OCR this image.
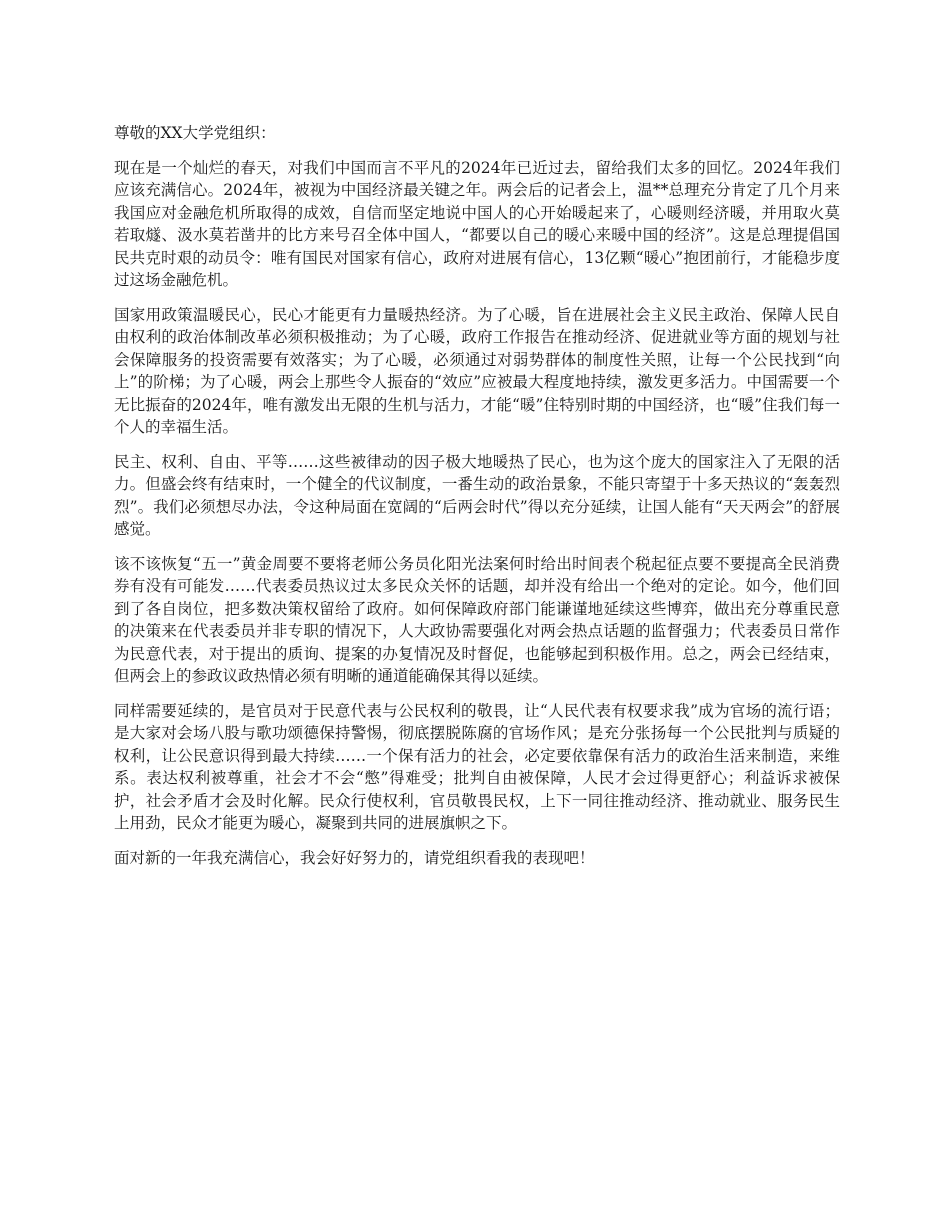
尊敬的XX大学党组织：

现在是一个灿烂的春天，对我们中国而言不平凡的2024年已近过去，留给我们太多的回忆。2024年我们应该充满信心。2024年，被视为中国经济最关键之年。两会后的记者会上，温**总理充分肯定了几个月来我国应对金融危机所取得的成效，自信而坚定地说中国人的心开始暖起来了，心暖则经济暖，并用取火莫若取燧、汲水莫若凿井的比方来号召全体中国人，“都要以自己的暖心来暖中国的经济”。这是总理提倡国民共克时艰的动员令：唯有国民对国家有信心，政府对进展有信心，13亿颗“暖心”抱团前行，才能稳步度过这场金融危机。

国家用政策温暖民心，民心才能更有力量暖热经济。为了心暖，旨在进展社会主义民主政治、保障人民自由权利的政治体制改革必须积极推动；为了心暖，政府工作报告在推动经济、促进就业等方面的规划与社会保障服务的投资需要有效落实；为了心暖，必须通过对弱势群体的制度性关照，让每一个公民找到“向上”的阶梯；为了心暖，两会上那些令人振奋的“效应”应被最大程度地持续，激发更多活力。中国需要一个无比振奋的2024年，唯有激发出无限的生机与活力，才能“暖”住特别时期的中国经济，也“暖”住我们每一个人的幸福生活。

民主、权利、自由、平等……这些被律动的因子极大地暖热了民心，也为这个庞大的国家注入了无限的活力。但盛会终有结束时，一个健全的代议制度，一番生动的政治景象，不能只寄望于十多天热议的“轰轰烈烈”。我们必须想尽办法，令这种局面在宽阔的“后两会时代”得以充分延续，让国人能有“天天两会”的舒展感觉。

该不该恢复“五一”黄金周要不要将老师公务员化阳光法案何时给出时间表个税起征点要不要提高全民消费券有没有可能发……代表委员热议过太多民众关怀的话题，却并没有给出一个绝对的定论。如今，他们回到了各自岗位，把多数决策权留给了政府。如何保障政府部门能谦谨地延续这些博弈，做出充分尊重民意的决策来在代表委员并非专职的情况下，人大政协需要强化对两会热点话题的监督强力；代表委员日常作为民意代表，对于提出的质询、提案的办复情况及时督促，也能够起到积极作用。总之，两会已经结束，但两会上的参政议政热情必须有明晰的通道能确保其得以延续。

同样需要延续的，是官员对于民意代表与公民权利的敬畏，让“人民代表有权要求我”成为官场的流行语；是大家对会场八股与歌功颂德保持警惕，彻底摆脱陈腐的官场作风；是充分张扬每一个公民批判与质疑的权利，让公民意识得到最大持续……一个保有活力的社会，必定要依靠保有活力的政治生活来制造，来维系。表达权利被尊重，社会才不会“憋”得难受；批判自由被保障，人民才会过得更舒心；利益诉求被保护，社会矛盾才会及时化解。民众行使权利，官员敬畏民权，上下一同往推动经济、推动就业、服务民生上用劲，民众才能更为暖心，凝聚到共同的进展旗帜之下。

面对新的一年我充满信心，我会好好努力的，请党组织看我的表现吧！
